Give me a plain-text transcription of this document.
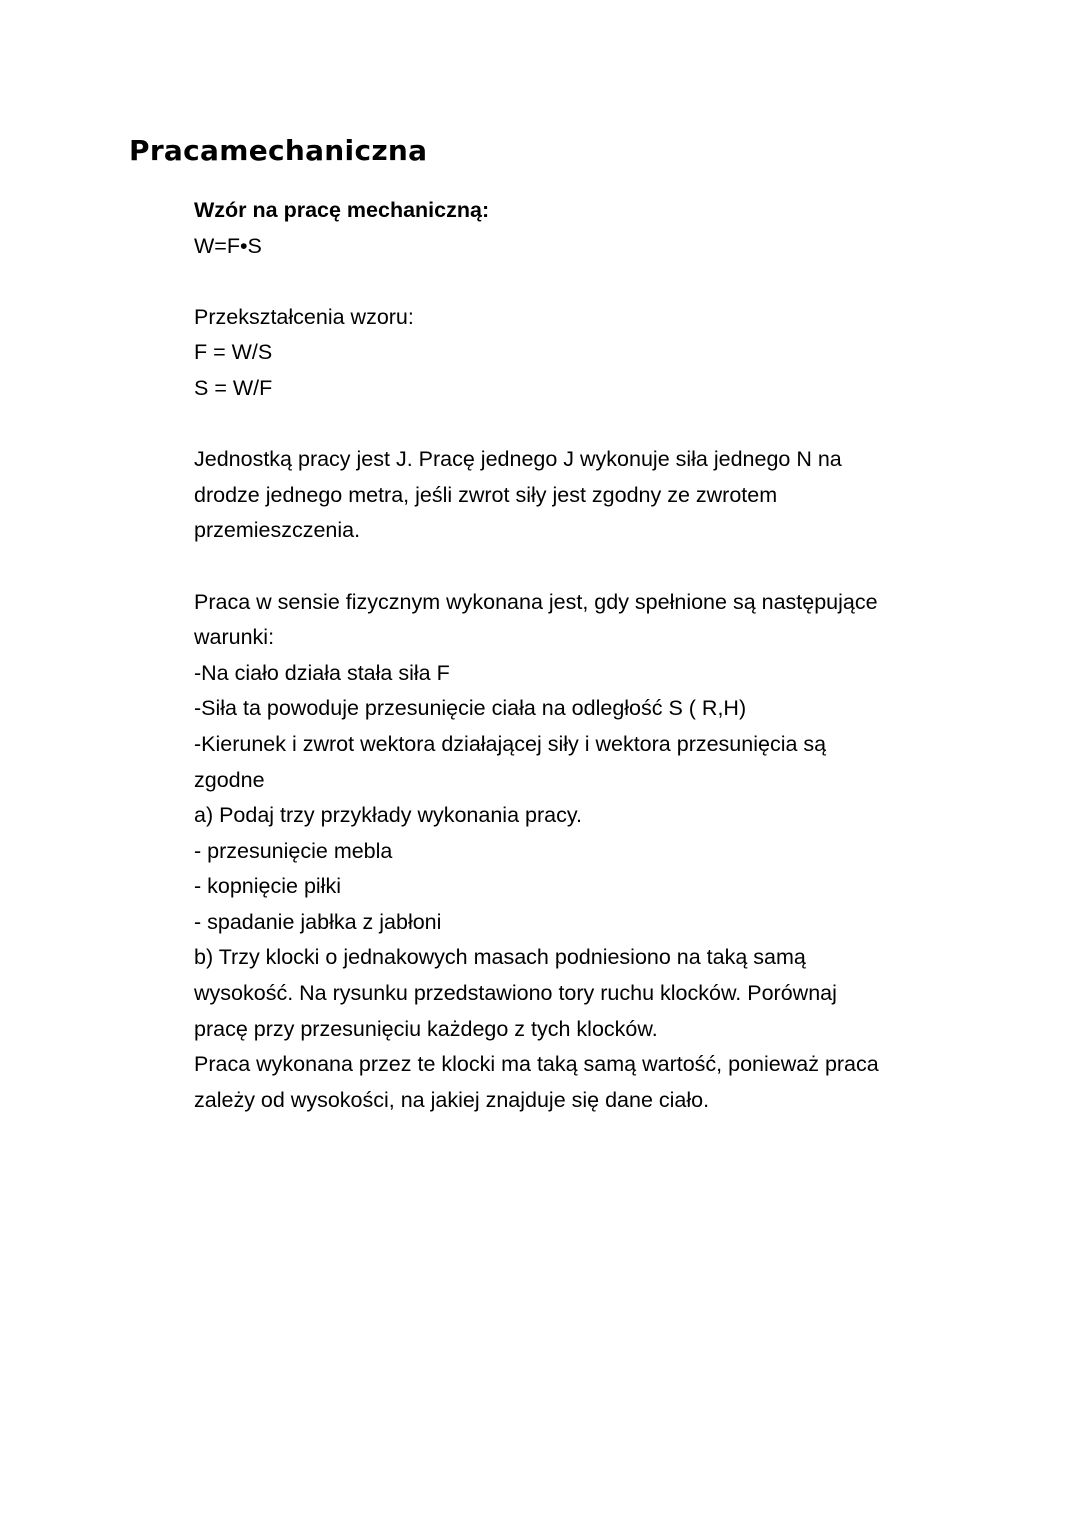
Pracamechaniczna

Wzór na pracę mechaniczną:

W=F•S

Przekształcenia wzoru:

F = W/S

S = W/F

Jednostką pracy jest J. Pracę jednego J wykonuje siła jednego N na

drodze jednego metra, jeśli zwrot siły jest zgodny ze zwrotem

przemieszczenia.

Praca w sensie fizycznym wykonana jest, gdy spełnione są następujące

warunki:

-Na ciało działa stała siła F

-Siła ta powoduje przesunięcie ciała na odległość S ( R,H)

-Kierunek i zwrot wektora działającej siły i wektora przesunięcia są

zgodne

a) Podaj trzy przykłady wykonania pracy.

- przesunięcie mebla

- kopnięcie piłki

- spadanie jabłka z jabłoni

b) Trzy klocki o jednakowych masach podniesiono na taką samą

wysokość. Na rysunku przedstawiono tory ruchu klocków. Porównaj

pracę przy przesunięciu każdego z tych klocków.

Praca wykonana przez te klocki ma taką samą wartość, ponieważ praca

zależy od wysokości, na jakiej znajduje się dane ciało.
